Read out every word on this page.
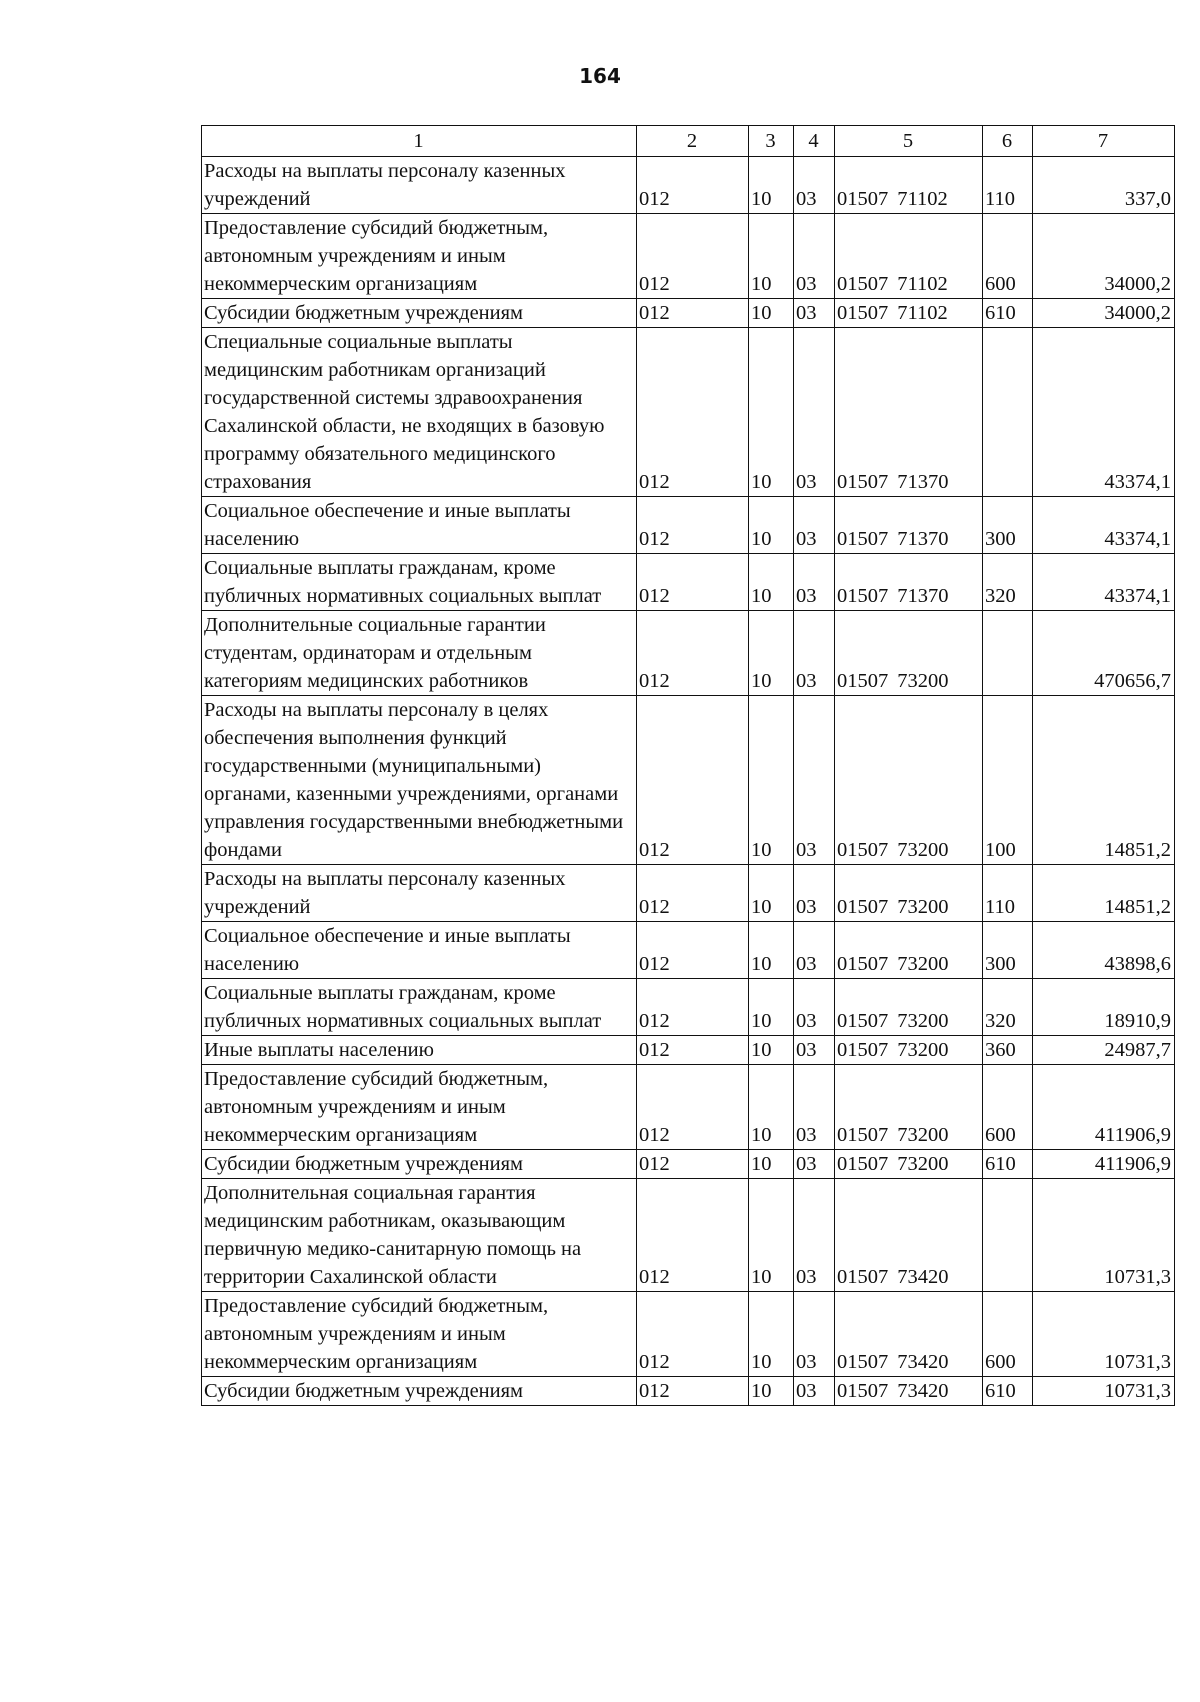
164
1	2	3	4	5	6	7
Расходы на выплаты персоналу казенных учреждений	012	10	03	01507 71102	110	337,0
Предоставление субсидий бюджетным, автономным учреждениям и иным некоммерческим организациям	012	10	03	01507 71102	600	34000,2
Субсидии бюджетным учреждениям	012	10	03	01507 71102	610	34000,2
Специальные социальные выплаты медицинским работникам организаций государственной системы здравоохранения Сахалинской области, не входящих в базовую программу обязательного медицинского страхования	012	10	03	01507 71370		43374,1
Социальное обеспечение и иные выплаты населению	012	10	03	01507 71370	300	43374,1
Социальные выплаты гражданам, кроме публичных нормативных социальных выплат	012	10	03	01507 71370	320	43374,1
Дополнительные социальные гарантии студентам, ординаторам и отдельным категориям медицинских работников	012	10	03	01507 73200		470656,7
Расходы на выплаты персоналу в целях обеспечения выполнения функций государственными (муниципальными) органами, казенными учреждениями, органами управления государственными внебюджетными фондами	012	10	03	01507 73200	100	14851,2
Расходы на выплаты персоналу казенных учреждений	012	10	03	01507 73200	110	14851,2
Социальное обеспечение и иные выплаты населению	012	10	03	01507 73200	300	43898,6
Социальные выплаты гражданам, кроме публичных нормативных социальных выплат	012	10	03	01507 73200	320	18910,9
Иные выплаты населению	012	10	03	01507 73200	360	24987,7
Предоставление субсидий бюджетным, автономным учреждениям и иным некоммерческим организациям	012	10	03	01507 73200	600	411906,9
Субсидии бюджетным учреждениям	012	10	03	01507 73200	610	411906,9
Дополнительная социальная гарантия медицинским работникам, оказывающим первичную медико-санитарную помощь на территории Сахалинской области	012	10	03	01507 73420		10731,3
Предоставление субсидий бюджетным, автономным учреждениям и иным некоммерческим организациям	012	10	03	01507 73420	600	10731,3
Субсидии бюджетным учреждениям	012	10	03	01507 73420	610	10731,3
